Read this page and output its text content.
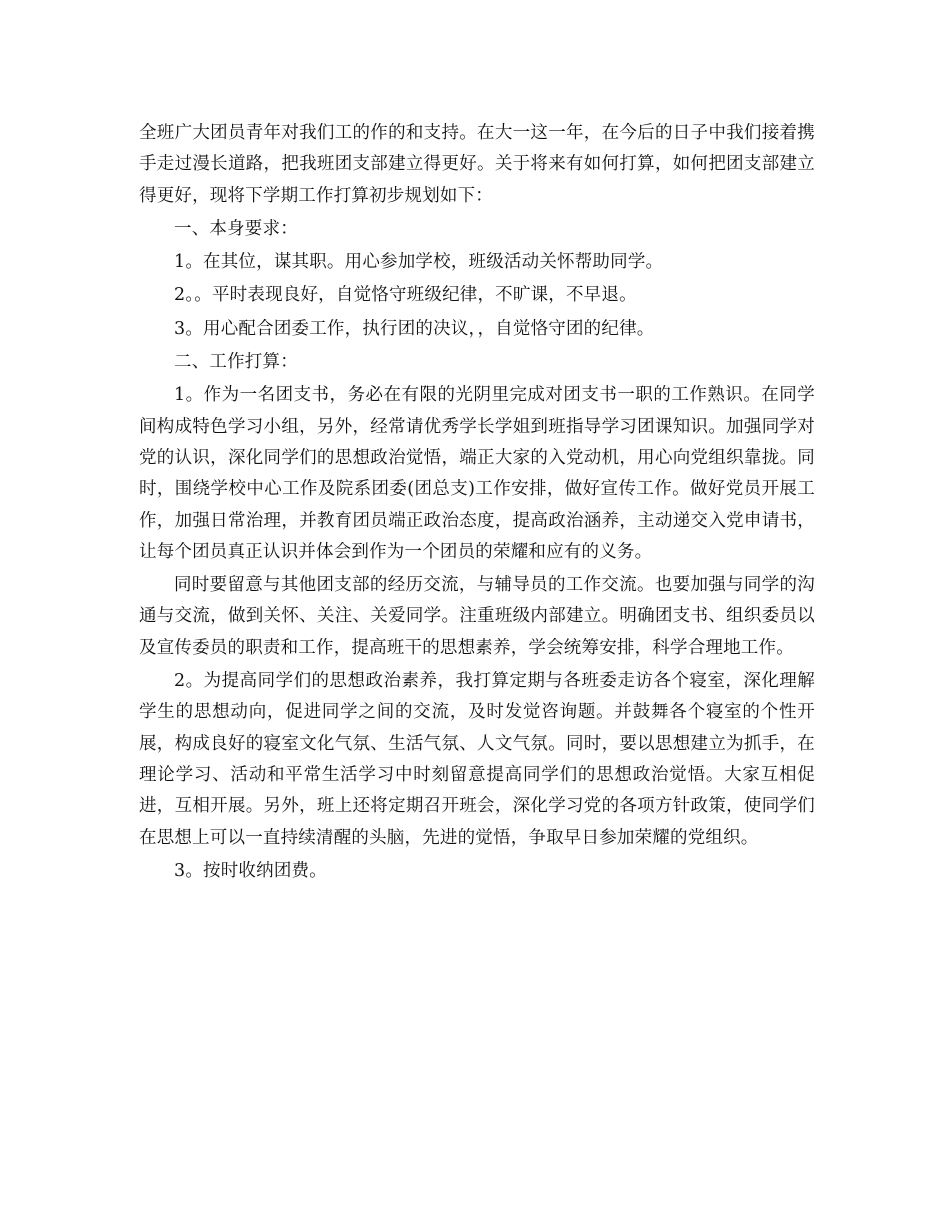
全班广大团员青年对我们工的作的和支持。在大一这一年，在今后的日子中我们接着携手走过漫长道路，把我班团支部建立得更好。关于将来有如何打算，如何把团支部建立得更好，现将下学期工作打算初步规划如下：

一、本身要求：

1。在其位，谋其职。用心参加学校，班级活动关怀帮助同学。

2。。平时表现良好，自觉恪守班级纪律，不旷课，不早退。

3。用心配合团委工作，执行团的决议，，自觉恪守团的纪律。

二、工作打算：

1。作为一名团支书，务必在有限的光阴里完成对团支书一职的工作熟识。在同学间构成特色学习小组，另外，经常请优秀学长学姐到班指导学习团课知识。加强同学对党的认识，深化同学们的思想政治觉悟，端正大家的入党动机，用心向党组织靠拢。同时，围绕学校中心工作及院系团委(团总支)工作安排，做好宣传工作。做好党员开展工作，加强日常治理，并教育团员端正政治态度，提高政治涵养，主动递交入党申请书，让每个团员真正认识并体会到作为一个团员的荣耀和应有的义务。

同时要留意与其他团支部的经历交流，与辅导员的工作交流。也要加强与同学的沟通与交流，做到关怀、关注、关爱同学。注重班级内部建立。明确团支书、组织委员以及宣传委员的职责和工作，提高班干的思想素养，学会统筹安排，科学合理地工作。

2。为提高同学们的思想政治素养，我打算定期与各班委走访各个寝室，深化理解学生的思想动向，促进同学之间的交流，及时发觉咨询题。并鼓舞各个寝室的个性开展，构成良好的寝室文化气氛、生活气氛、人文气氛。同时，要以思想建立为抓手，在理论学习、活动和平常生活学习中时刻留意提高同学们的思想政治觉悟。大家互相促进，互相开展。另外，班上还将定期召开班会，深化学习党的各项方针政策，使同学们在思想上可以一直持续清醒的头脑，先进的觉悟，争取早日参加荣耀的党组织。

3。按时收纳团费。
